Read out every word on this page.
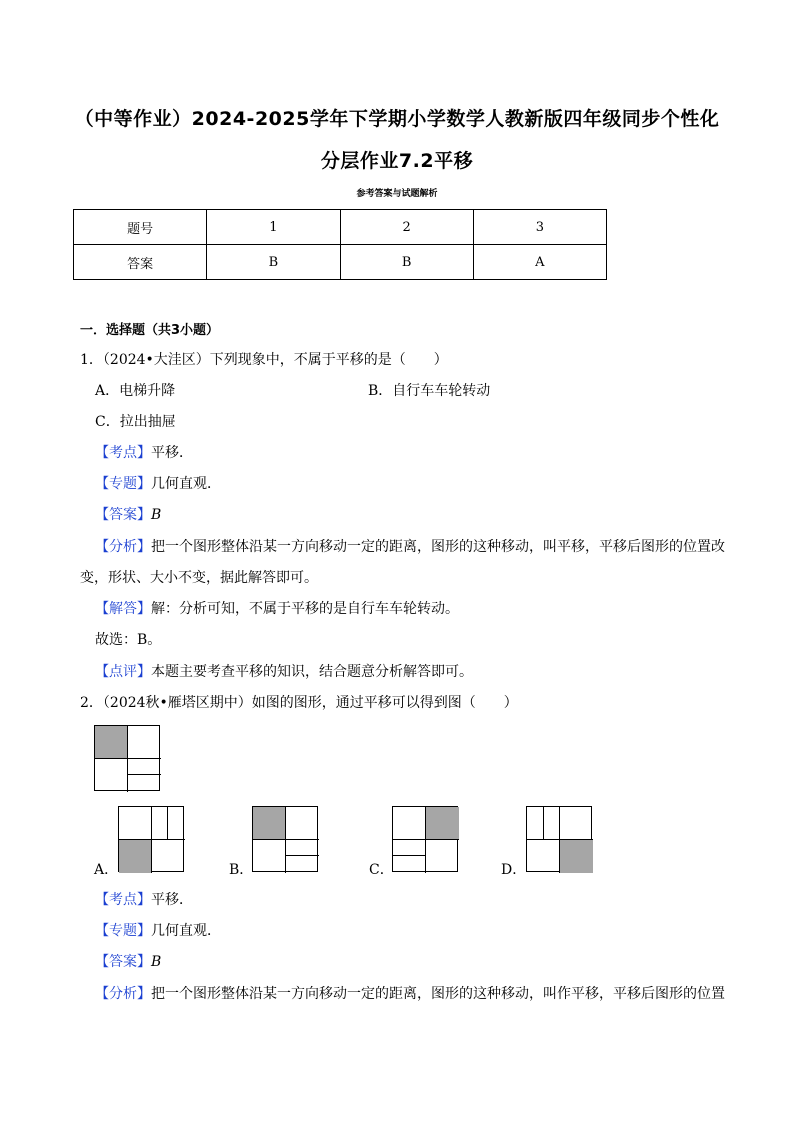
（中等作业）2024-2025学年下学期小学数学人教新版四年级同步个性化
分层作业7.2平移
参考答案与试题解析
题号	1	2	3
答案	B	B	A
一．选择题（共3小题）
1．（2024•大洼区）下列现象中，不属于平移的是（　　）
A．电梯升降	B．自行车车轮转动
C．拉出抽屉
【考点】平移．
【专题】几何直观．
【答案】B
【分析】把一个图形整体沿某一方向移动一定的距离，图形的这种移动，叫平移，平移后图形的位置改
变，形状、大小不变，据此解答即可。
【解答】解：分析可知，不属于平移的是自行车车轮转动。
故选：B。
【点评】本题主要考查平移的知识，结合题意分析解答即可。
2．（2024秋•雁塔区期中）如图的图形，通过平移可以得到图（　　）
A．	B．	C．	D．
【考点】平移．
【专题】几何直观．
【答案】B
【分析】把一个图形整体沿某一方向移动一定的距离，图形的这种移动，叫作平移，平移后图形的位置
